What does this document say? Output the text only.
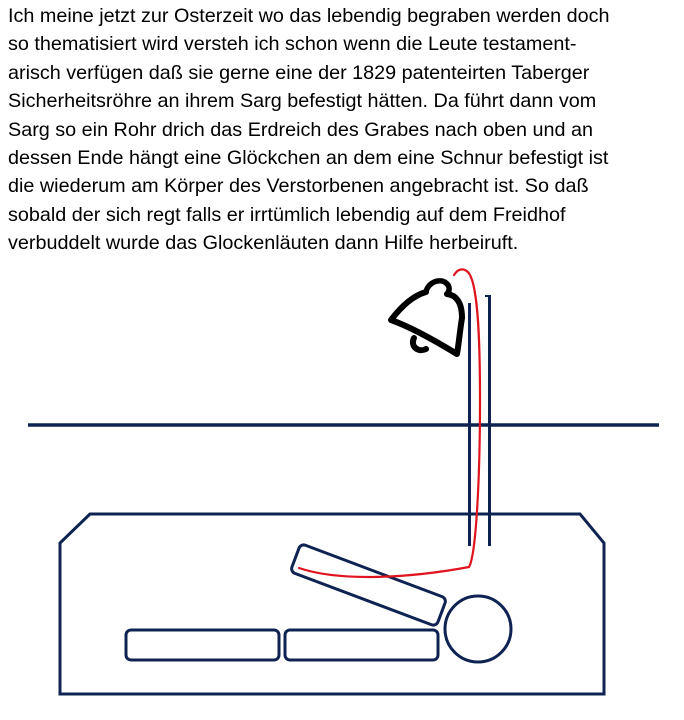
Ich meine jetzt zur Osterzeit wo das lebendig begraben werden doch
so thematisiert wird versteh ich schon wenn die Leute testament-
arisch verfügen daß sie gerne eine der 1829 patenteirten Taberger
Sicherheitsröhre an ihrem Sarg befestigt hätten. Da führt dann vom
Sarg so ein Rohr drich das Erdreich des Grabes nach oben und an
dessen Ende hängt eine Glöckchen an dem eine Schnur befestigt ist
die wiederum am Körper des Verstorbenen angebracht ist. So daß
sobald der sich regt falls er irrtümlich lebendig auf dem Freidhof
verbuddelt wurde das Glockenläuten dann Hilfe herbeiruft.
